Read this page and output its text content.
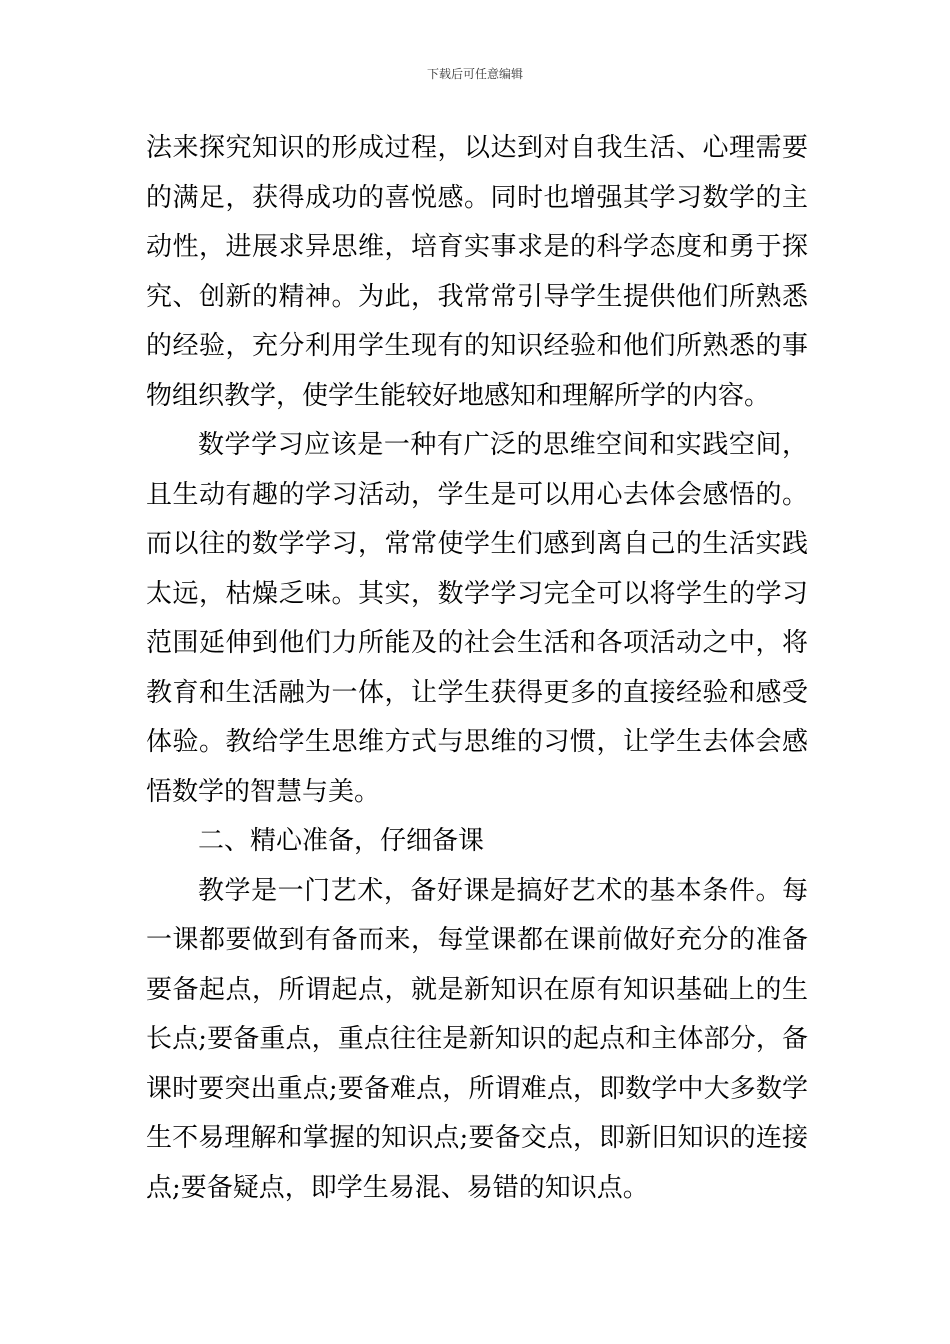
下载后可任意编辑
法来探究知识的形成过程，以达到对自我生活、心理需要
的满足，获得成功的喜悦感。同时也增强其学习数学的主
动性，进展求异思维，培育实事求是的科学态度和勇于探
究、创新的精神。为此，我常常引导学生提供他们所熟悉
的经验，充分利用学生现有的知识经验和他们所熟悉的事
物组织教学，使学生能较好地感知和理解所学的内容。
数学学习应该是一种有广泛的思维空间和实践空间，
且生动有趣的学习活动，学生是可以用心去体会感悟的。
而以往的数学学习，常常使学生们感到离自己的生活实践
太远，枯燥乏味。其实，数学学习完全可以将学生的学习
范围延伸到他们力所能及的社会生活和各项活动之中，将
教育和生活融为一体，让学生获得更多的直接经验和感受
体验。教给学生思维方式与思维的习惯，让学生去体会感
悟数学的智慧与美。
二、精心准备，仔细备课
教学是一门艺术，备好课是搞好艺术的基本条件。每
一课都要做到有备而来，每堂课都在课前做好充分的准备
要备起点，所谓起点，就是新知识在原有知识基础上的生
长点;要备重点，重点往往是新知识的起点和主体部分，备
课时要突出重点;要备难点，所谓难点，即数学中大多数学
生不易理解和掌握的知识点;要备交点，即新旧知识的连接
点;要备疑点，即学生易混、易错的知识点。
